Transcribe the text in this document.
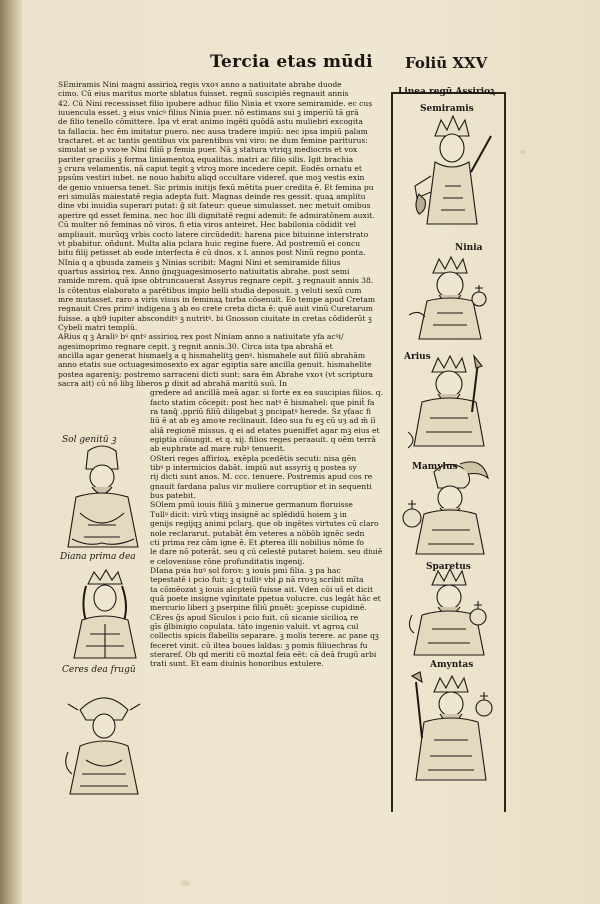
Tercia etas mūdi Foliū XXV
SEmiramis Nini magni assirioꝝ regis vxoꝛ anno a natiuitate abrahe duode
cimo. Cū eius maritus morte sblatus fuisset. regnū suscipiēs regnauit annis
42. Cū Nini recessisset filio ipubere adhuc filio Ninia et vxore semiramide. ec cuș
iuuencula esset. ꝫ eius vnicꝰ filius Ninia puer. nō estimans sui ꝫ imperiū tā grā
de filio tenello cōmittere. Ipa vt erat animo ingēti quōdā astu muliebri excogita
ta fallacia. hec ēm imitatur puero. nec ausa tradere impiū: nec ipsa impiū palam
tractaret. et ac tantis gentibus vix parentibus vni viro: ne dum femine pariturus:
simulat se p vxoꝛe Nini filiū p femia puer. Nā ꝫ statura vtriqꝫ mediocris et vox
pariter gracilis ꝫ forma liniamentoꝝ equalitas. matri ac filio silis. Igit brachia
ꝫ crura velamentis. nā caput tegit ꝫ vtroꝫ more incedere cepit. Eodēs ornatu et
ppsūm vestiri iubet. ne nouo habitu aliqd occultare videref. que moꝫ vestis exin
de genio vniuersa tenet. Sic primis initijs fexū mētita puer credita ē. Et femina pu
eri simulās maiestatē regia adepta fuit. Magnas deinde res gessit. quaꝝ amplitu
dine vbi inuidia superari putat: ḡ sit fateur: queue simulasset. nec metuit omibus
aperire qd esset femina. nec hoc illi dignitatē regni ademit: fe admiratōnem auxit.
Cū multer nō feminas nō viros. fi etia viros anteiret. Hec babilonia cōdidit vel
ampliauit. murūqꝫ vrbis cocto latere circūdedit: harena pice bituinne interstrato
vt pbabitur. oñdunt. Multa alia pclara huic regine fuere. Ad postremū ei concu
bitu filij petisset ab eode interfecta ē cū dnos. x l. annos post Ninū regno ponta.
NInia q a qbusda zameis ꝫ Ninias scribit: Magni Nini et semiramide filius
quartus assirioꝝ rex. Anno ḡnqꝫuagesimoserto natiuitatis abrahe. post semi
ramide mrem. quā ipse obtruncauerat Assyrus regnare cepit. ꝫ regnauit annis 38.
Is cōtentus elaborato a parētibus impio belli studia deposuit. ꝫ veluti sexū cum
mre mutasset. raro a viris visus in feminaꝝ turba cōsenuit. Eo tempe apud Cretam
regnauit Cres primꝰ indigena ꝫ ab eo crete creta dicta ē: quē auit vinū Curetarum
fuisse. a qb9 iupiter absconditꝰ ꝫ nutritꝰ. bi Gnosson ciuitate in cretas cōdiderūt ꝫ
Cybeli matri templū.
ARius q ꝫ Araliꝰ bꝰ qntꝰ assirioꝝ rex post Niniam anno a natiuitate yfa acꝰi/
agesimoprimo regnare cepit. ꝫ regnit annis.30. Circa ista tpa abrahā et
ancilla agar generat hismaelꝫ a q hismahelitꝫ genꝰ. hismahele aut filiū abrahām
anno etatis sue octuagesimosexto ex agar egiptia sare ancilla genuit. hismahelite
postea agareniꝫ: postremo sarraceni dicti sunt: sara ēm Abrahe vxoꝛ (vt scriptura
sacra ait) cū nō libꝫ liberos ꝑ dixit ad abrahā maritū suū. In
gredere ad ancillā meā agar. si forte ex ea suscipias filios. q.
facto statim cōcepit: post hec natꝰ ē hismahel: que pinit̄ fa
ra tanq̄ .ppriū filiū diligebat ꝫ pncipatꝰ herede. Sz yfaac fi
liū ē at ab eꝫ amoꝛe reclinauit. Ideo sua fu eꝫ cū uȝ ad m̄ iī
aliā regionē missus. q ei ad etates pueniffet agar mꝫ eius et
egiptia cōiungit. et q. xij. filios reges peraauit. q oēm terrā
ab euphrate ad mare rubꝰ tenuerit.
OSteri reges affirioꝝ. exēpla pcedētis secuti: nisa gēn
tibꝰ p intermicios dabāt. impiū aut assyriꝫ q postea sy
rij dicti sunt anos. M. ccc. tenuere. Postremis apud cos re
gnauit fardana palus vir muliere corruptior et in sequenti
bus patebit.
SOlem pmū iouis filiū ꝫ minerue germanum floruisse
Tullꝰ dicit: virū vtiqꝫ insignē ac splēdidū hoiem ꝫ in
genijs regijqꝫ animi pclarꝫ. que ob ingētes virtutes cū claro
nole reclararut. putabāt ēm veteres a nōbōb ignēc sedn
cti prima rez cām igne ē. Et ꝓterea illi nobilius nōme fo
le dare nō poterāt. seu q cū celestē putaret hoiem. seu diuiē
e celovenisse rōne profunditatis ingenij.
DIana pꝛia huꝰ sol foroꝛ: ꝫ iouis pmi filia. ꝫ pa hac
tepestatē i pcio fuit: ꝫ q tulliꝰ vbi ꝓ nā rroꝛꝫ scribit mīta
ta cōmēozat ꝫ iouis alcpteiū fuisse ait. Vden cōi uš et dicit
quā poete insigne vgīnitate ppetua volucre. cus legāt hāc et
mercurio liberi ꝫ pserpine filiū ꝑnuēt: ꝫcepisse cupidinē.
CEres ḡs apud Sīculos i pcio fuit. cū sicanie sicilioꝝ re
gīs ḡlbinigio copulata. tāto ingenio valuit. vt agroꝝ cul
collectis spicis flabellis separare. ꝫ molis terere. ac pane qꝫ
feceret vinit. cū iltea boues laldas: ꝫ pomis filiuechras fu
steraref. Ob qd meriti cū moztal feia eēt: cā deā frugū arbi
trati sunt. Et eam diuinis honoribus extulere.
Linea regū Assirioꝝ
Semiramis
Ninia
Arius
Mamylus
Sparetus
Amyntas
Sol genitū ꝫ
Diana prima dea
Ceres dea frugū
